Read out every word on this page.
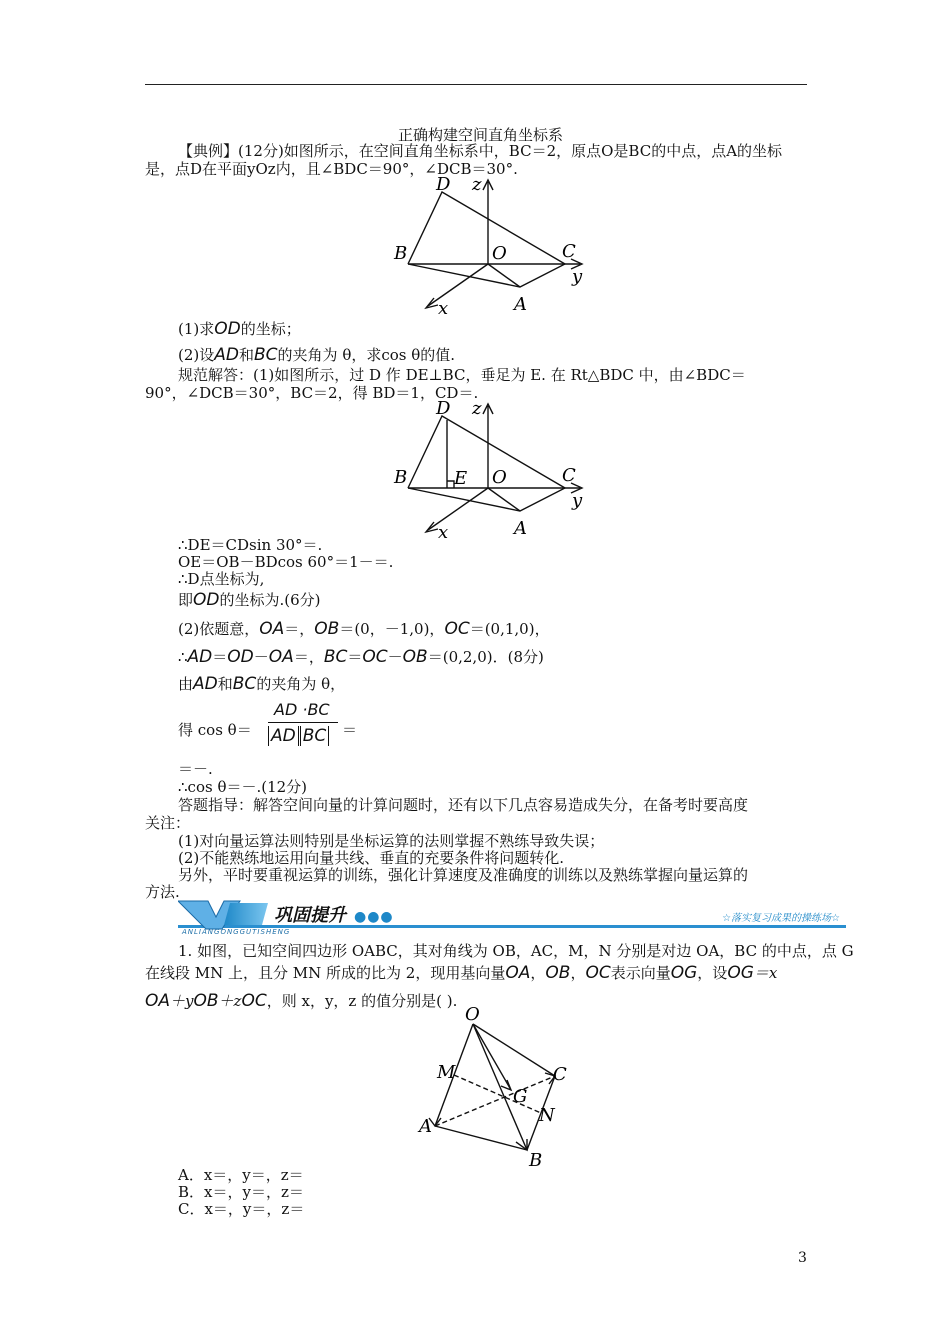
正确构建空间直角坐标系
【典例】(12分)如图所示，在空间直角坐标系中，BC＝2，原点O是BC的中点，点A的坐标
是，点D在平面yOz内，且∠BDC＝90°，∠DCB＝30°.
D z
B	O	C
y
x	A
(1)求OD的坐标；
(2)设AD和BC的夹角为 θ，求cos θ的值.
规范解答：(1)如图所示，过 D 作 DE⊥BC，垂足为 E. 在 Rt△BDC 中，由∠BDC＝
90°，∠DCB＝30°，BC＝2，得 BD＝1，CD＝.
D z
B	E O	C
y
x	A
∴DE＝CDsin 30°＝.
OE＝OB－BDcos 60°＝1－＝.
∴D点坐标为,
即OD的坐标为.(6分)
(2)依题意，OA＝，OB＝(0，－1,0)，OC＝(0,1,0)，
∴AD＝OD－OA＝，BC＝OC－OB＝(0,2,0)．(8分)
由AD和BC的夹角为 θ，
得 cos θ＝
AD ·BC
AD BC ＝
＝－.
∴cos θ＝－.(12分)
答题指导：解答空间向量的计算问题时，还有以下几点容易造成失分，在备考时要高度
关注：
(1)对向量运算法则特别是坐标运算的法则掌握不熟练导致失误；
(2)不能熟练地运用向量共线、垂直的充要条件将问题转化.
另外，平时要重视运算的训练，强化计算速度及准确度的训练以及熟练掌握向量运算的
方法.
巩固提升 ●●●
ANLIANGONGGUTISHENG
☆落实复习成果的操练场☆
1. 如图，已知空间四边形 OABC，其对角线为 OB，AC，M，N 分别是对边 OA，BC 的中点，点 G
在线段 MN 上，且分 MN 所成的比为 2，现用基向量OA，OB，OC表示向量OG，设OG＝x
OA＋yOB＋zOC，则 x，y，z 的值分别是( ).
O
M	C
G
N
A
B
A．x＝，y＝，z＝
B．x＝，y＝，z＝
C．x＝，y＝，z＝
3
